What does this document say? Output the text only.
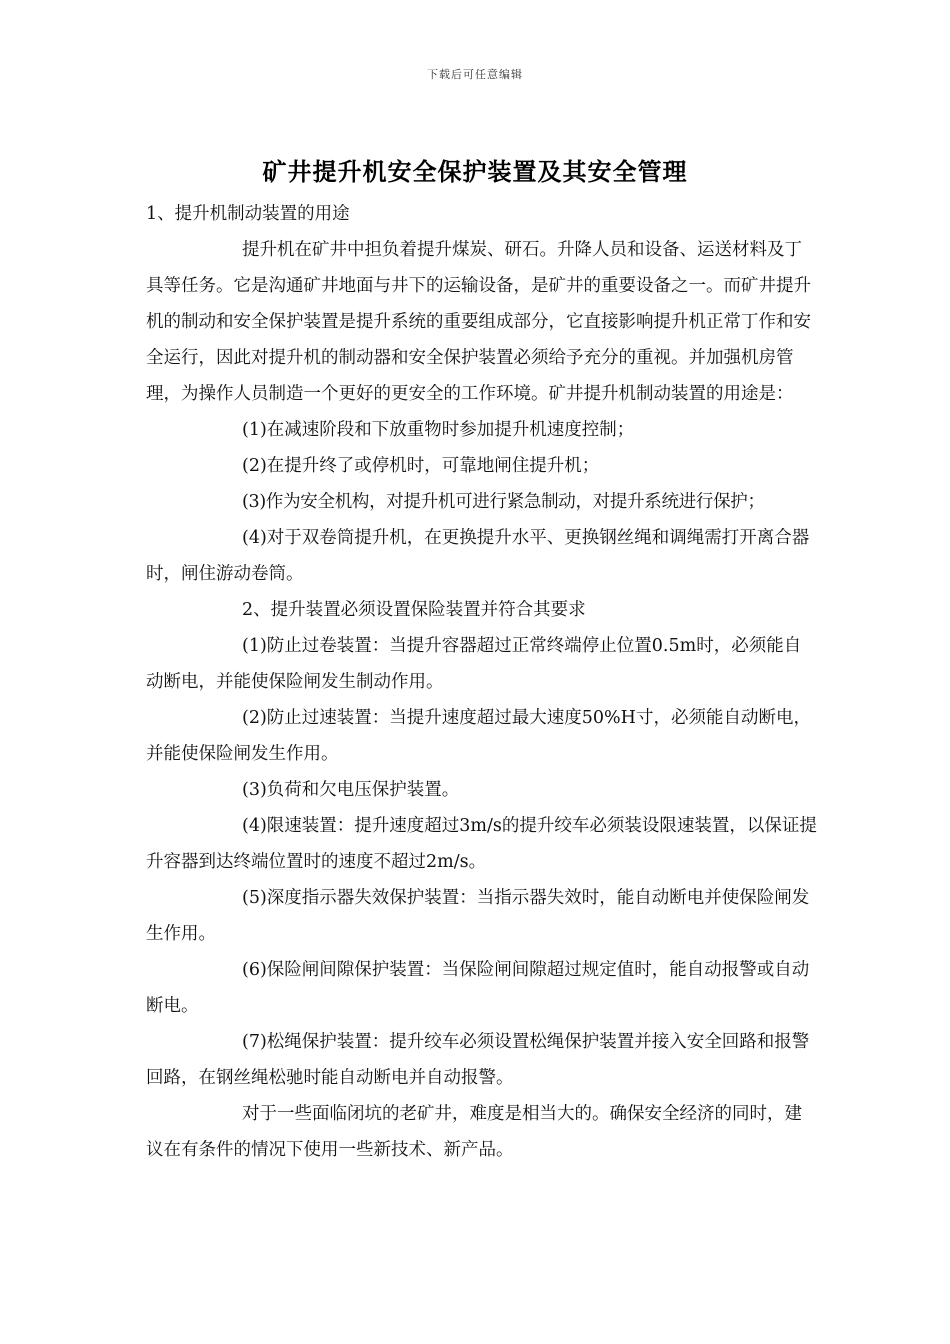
下载后可任意编辑
矿井提升机安全保护装置及其安全管理

1、提升机制动装置的用途

提升机在矿井中担负着提升煤炭、研石。升降人员和设备、运送材料及丁具等任务。它是沟通矿井地面与井下的运输设备，是矿井的重要设备之一。而矿井提升机的制动和安全保护装置是提升系统的重要组成部分，它直接影响提升机正常丁作和安全运行，因此对提升机的制动器和安全保护装置必须给予充分的重视。并加强机房管理，为操作人员制造一个更好的更安全的工作环境。矿井提升机制动装置的用途是：

(1)在减速阶段和下放重物时参加提升机速度控制；

(2)在提升终了或停机时，可靠地闸住提升机；

(3)作为安全机构，对提升机可进行紧急制动，对提升系统进行保护；

(4)对于双卷筒提升机，在更换提升水平、更换钢丝绳和调绳需打开离合器时，闸住游动卷筒。

2、提升装置必须设置保险装置并符合其要求

(1)防止过卷装置：当提升容器超过正常终端停止位置0.5m时，必须能自动断电，并能使保险闸发生制动作用。

(2)防止过速装置：当提升速度超过最大速度50%H寸，必须能自动断电，并能使保险闸发生作用。

(3)负荷和欠电压保护装置。

(4)限速装置：提升速度超过3m/s的提升绞车必须装设限速装置，以保证提升容器到达终端位置时的速度不超过2m/s。

(5)深度指示器失效保护装置：当指示器失效时，能自动断电并使保险闸发生作用。

(6)保险闸间隙保护装置：当保险闸间隙超过规定值时，能自动报警或自动断电。

(7)松绳保护装置：提升绞车必须设置松绳保护装置并接入安全回路和报警回路，在钢丝绳松驰时能自动断电并自动报警。

对于一些面临闭坑的老矿井，难度是相当大的。确保安全经济的同时，建议在有条件的情况下使用一些新技术、新产品。
